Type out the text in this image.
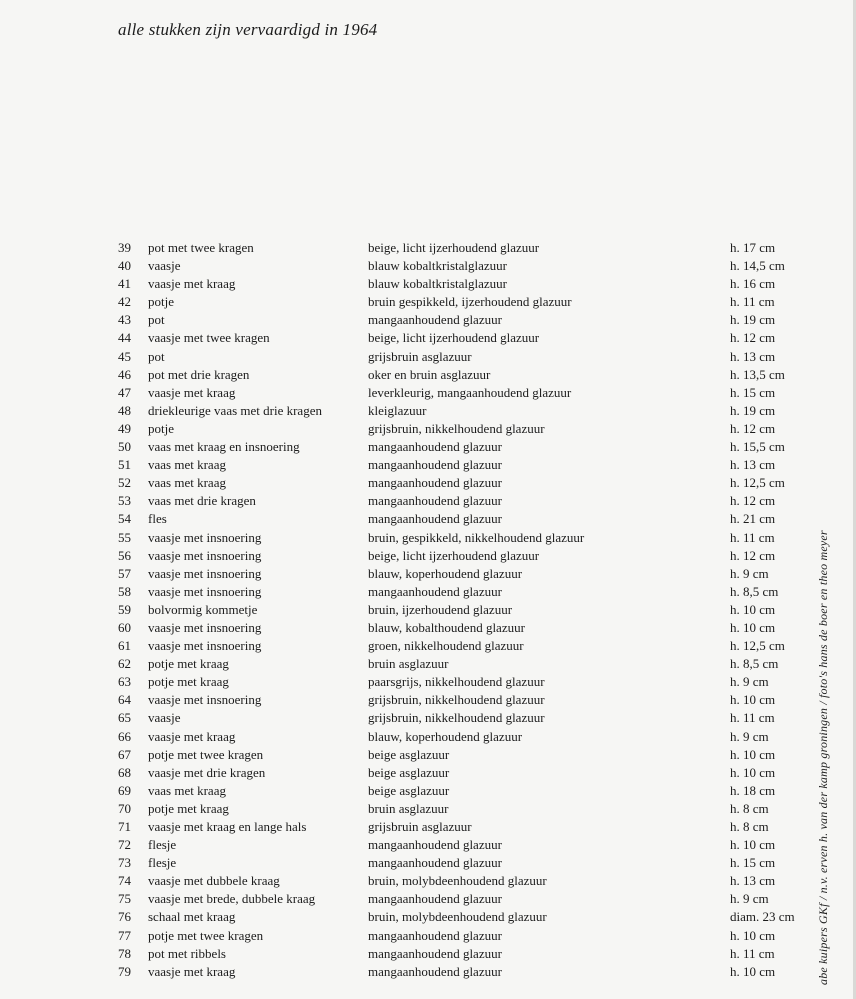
alle stukken zijn vervaardigd in 1964
39	pot met twee kragen	beige, licht ijzerhoudend glazuur	h. 17 cm
40	vaasje	blauw kobaltkristalglazuur	h. 14,5 cm
41	vaasje met kraag	blauw kobaltkristalglazuur	h. 16 cm
42	potje	bruin gespikkeld, ijzerhoudend glazuur	h. 11 cm
43	pot	mangaanhoudend glazuur	h. 19 cm
44	vaasje met twee kragen	beige, licht ijzerhoudend glazuur	h. 12 cm
45	pot	grijsbruin asglazuur	h. 13 cm
46	pot met drie kragen	oker en bruin asglazuur	h. 13,5 cm
47	vaasje met kraag	leverkleurig, mangaanhoudend glazuur	h. 15 cm
48	driekleurige vaas met drie kragen	kleiglazuur	h. 19 cm
49	potje	grijsbruin, nikkelhoudend glazuur	h. 12 cm
50	vaas met kraag en insnoering	mangaanhoudend glazuur	h. 15,5 cm
51	vaas met kraag	mangaanhoudend glazuur	h. 13 cm
52	vaas met kraag	mangaanhoudend glazuur	h. 12,5 cm
53	vaas met drie kragen	mangaanhoudend glazuur	h. 12 cm
54	fles	mangaanhoudend glazuur	h. 21 cm
55	vaasje met insnoering	bruin, gespikkeld, nikkelhoudend glazuur	h. 11 cm
56	vaasje met insnoering	beige, licht ijzerhoudend glazuur	h. 12 cm
57	vaasje met insnoering	blauw, koperhoudend glazuur	h. 9 cm
58	vaasje met insnoering	mangaanhoudend glazuur	h. 8,5 cm
59	bolvormig kommetje	bruin, ijzerhoudend glazuur	h. 10 cm
60	vaasje met insnoering	blauw, kobalthoudend glazuur	h. 10 cm
61	vaasje met insnoering	groen, nikkelhoudend glazuur	h. 12,5 cm
62	potje met kraag	bruin asglazuur	h. 8,5 cm
63	potje met kraag	paarsgrijs, nikkelhoudend glazuur	h. 9 cm
64	vaasje met insnoering	grijsbruin, nikkelhoudend glazuur	h. 10 cm
65	vaasje	grijsbruin, nikkelhoudend glazuur	h. 11 cm
66	vaasje met kraag	blauw, koperhoudend glazuur	h. 9 cm
67	potje met twee kragen	beige asglazuur	h. 10 cm
68	vaasje met drie kragen	beige asglazuur	h. 10 cm
69	vaas met kraag	beige asglazuur	h. 18 cm
70	potje met kraag	bruin asglazuur	h. 8 cm
71	vaasje met kraag en lange hals	grijsbruin asglazuur	h. 8 cm
72	flesje	mangaanhoudend glazuur	h. 10 cm
73	flesje	mangaanhoudend glazuur	h. 15 cm
74	vaasje met dubbele kraag	bruin, molybdeenhoudend glazuur	h. 13 cm
75	vaasje met brede, dubbele kraag	mangaanhoudend glazuur	h. 9 cm
76	schaal met kraag	bruin, molybdeenhoudend glazuur	diam. 23 cm
77	potje met twee kragen	mangaanhoudend glazuur	h. 10 cm
78	pot met ribbels	mangaanhoudend glazuur	h. 11 cm
79	vaasje met kraag	mangaanhoudend glazuur	h. 10 cm	abe kuipers GKf / n.v. erven h. van der kamp groningen / foto's hans de boer en theo meyer
